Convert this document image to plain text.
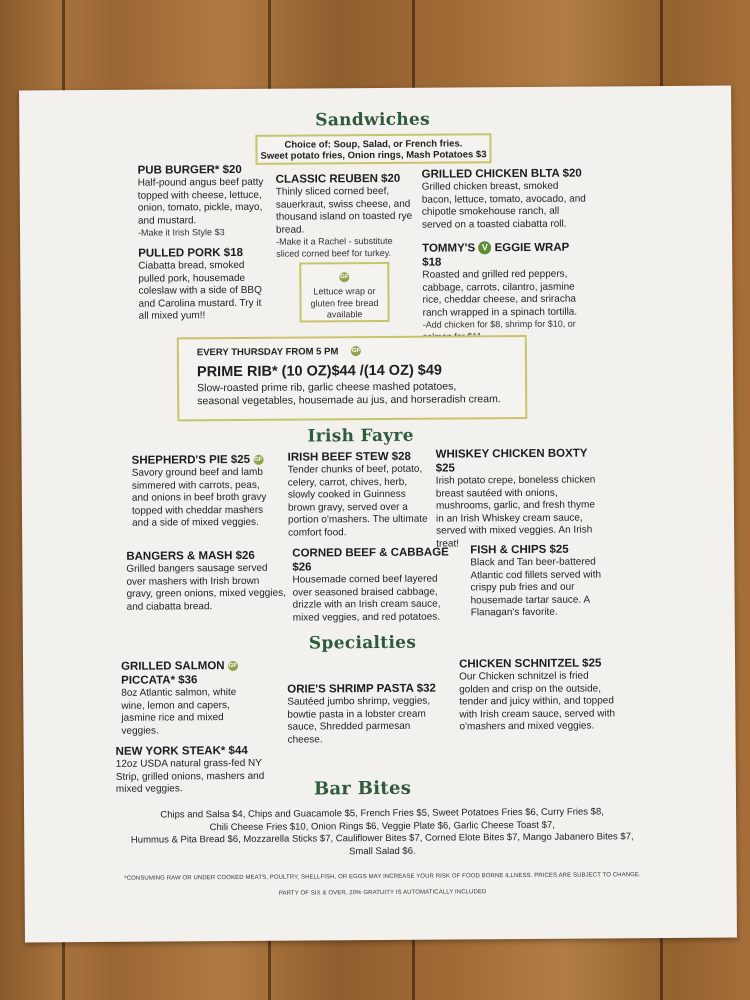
Sandwiches
Choice of: Soup, Salad, or French fries.
Sweet potato fries, Onion rings, Mash Potatoes $3
PUB BURGER* $20
Half-pound angus beef patty topped with cheese, lettuce, onion, tomato, pickle, mayo, and mustard.
-Make it Irish Style $3
CLASSIC REUBEN $20
Thinly sliced corned beef, sauerkraut, swiss cheese, and thousand island on toasted rye bread.
-Make it a Rachel - substitute sliced corned beef for turkey.
GRILLED CHICKEN BLTA $20
Grilled chicken breast, smoked bacon, lettuce, tomato, avocado, and chipotle smokehouse ranch, all served on a toasted ciabatta roll.
PULLED PORK $18
Ciabatta bread, smoked pulled pork, housemade coleslaw with a side of BBQ and Carolina mustard. Try it all mixed yum!!
GF
Lettuce wrap or
gluten free bread
available
TOMMY'S V EGGIE WRAP $18
Roasted and grilled red peppers, cabbage, carrots, cilantro, jasmine rice, cheddar cheese, and sriracha ranch wrapped in a spinach tortilla.
-Add chicken for $8, shrimp for $10, or
EVERY THURSDAY FROM 5 PM GF
PRIME RIB* (10 OZ)$44 /(14 OZ) $49
Slow-roasted prime rib, garlic cheese mashed potatoes,
seasonal vegetables, housemade au jus, and horseradish cream.
Irish Fayre
SHEPHERD'S PIE $25 GF
Savory ground beef and lamb simmered with carrots, peas, and onions in beef broth gravy topped with cheddar mashers and a side of mixed veggies.
IRISH BEEF STEW $28
Tender chunks of beef, potato, celery, carrot, chives, herb, slowly cooked in Guinness brown gravy, served over a portion o'mashers. The ultimate comfort food.
WHISKEY CHICKEN BOXTY $25
Irish potato crepe, boneless chicken breast sautéed with onions, mushrooms, garlic, and fresh thyme in an Irish Whiskey cream sauce, served with mixed veggies. An Irish treat!
BANGERS & MASH $26
Grilled bangers sausage served over mashers with Irish brown gravy, green onions, mixed veggies, and ciabatta bread.
CORNED BEEF & CABBAGE $26
Housemade corned beef layered over seasoned braised cabbage, drizzle with an Irish cream sauce, mixed veggies, and red potatoes.
FISH & CHIPS $25
Black and Tan beer-battered Atlantic cod fillets served with crispy pub fries and our housemade tartar sauce. A Flanagan's favorite.
Specialties
GRILLED SALMON GF
PICCATA* $36
8oz Atlantic salmon, white wine, lemon and capers, jasmine rice and mixed veggies.
ORIE'S SHRIMP PASTA $32
Sautéed jumbo shrimp, veggies, bowtie pasta in a lobster cream sauce, Shredded parmesan cheese.
CHICKEN SCHNITZEL $25
Our Chicken schnitzel is fried golden and crisp on the outside, tender and juicy within, and topped with Irish cream sauce, served with o'mashers and mixed veggies.
NEW YORK STEAK* $44
12oz USDA natural grass-fed NY Strip, grilled onions, mashers and mixed veggies.	Bar Bites
Chips and Salsa $4, Chips and Guacamole $5, French Fries $5, Sweet Potatoes Fries $6, Curry Fries $8,
Chili Cheese Fries $10, Onion Rings $6, Veggie Plate $6, Garlic Cheese Toast $7,
Hummus & Pita Bread $6, Mozzarella Sticks $7, Cauliflower Bites $7, Corned Elote Bites $7, Mango Jabanero Bites $7,
Small Salad $6.
*CONSUMING RAW OR UNDER COOKED MEATS, POULTRY, SHELLFISH, OR EGGS MAY INCREASE YOUR RISK OF FOOD BORNE ILLNESS. PRICES ARE SUBJECT TO CHANGE.
PARTY OF SIX & OVER, 20% GRATUITY IS AUTOMATICALLY INCLUDED
